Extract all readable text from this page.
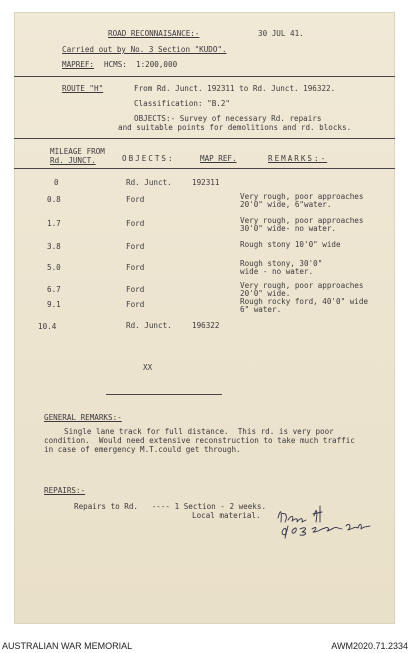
ROAD RECONNAISANCE:-	30 JUL 41.
Carried out by No. 3 Section "KUDO".
MAPREF: HCMS:  1:200,000
ROUTE "H"	From Rd. Junct. 192311 to Rd. Junct. 196322.
Classification: "B.2"
OBJECTS:- Survey of necessary Rd. repairs
and suitable points for demolitions and rd. blocks.
MILEAGE FROM
Rd. JUNCT.	OBJECTS:	MAP REF.	REMARKS:-
0	Rd. Junct.	192311
0.8	Ford	Very rough, poor approaches
20'0" wide, 6"water.
1.7	Ford	Very rough, poor approaches
30'0" wide- no water.
3.8	Ford	Rough stony 10'0" wide
5.0	Ford	Rough stony, 30'0"
wide - no water.
6.7	Ford	Very rough, poor approaches
20'0" wide.
9.1	Ford	Rough rocky ford, 40'0" wide
6" water.
10.4	Rd. Junct.	196322
XX
GENERAL REMARKS:-
Single lane track for full distance.  This rd. is very poor
condition.  Would need extensive reconstruction to take much traffic
in case of emergency M.T.could get through.
REPAIRS:-
Repairs to Rd.   ---- 1 Section - 2 weeks.
Local material.
AUSTRALIAN WAR MEMORIAL	AWM2020.71.2334
